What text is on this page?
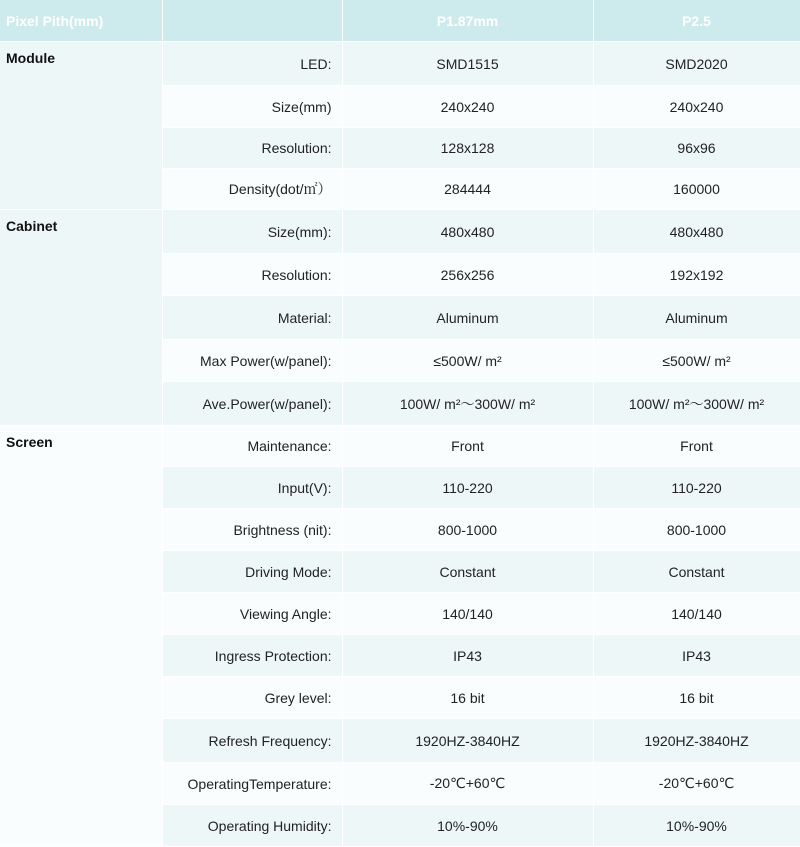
Pixel Pith(mm)		P1.87mm	P2.5
Module	LED:	SMD1515	SMD2020
	Size(mm)	240x240	240x240
	Resolution:	128x128	96x96
	Density(dot/㎡）	284444	160000
Cabinet	Size(mm):	480x480	480x480
	Resolution:	256x256	192x192
	Material:	Aluminum	Aluminum
	Max Power(w/panel):	≤500W/ m²	≤500W/ m²
	Ave.Power(w/panel):	100W/ m²～300W/ m²	100W/ m²～300W/ m²
Screen	Maintenance:	Front	Front
	Input(V):	110-220	110-220
	Brightness (nit):	800-1000	800-1000
	Driving Mode:	Constant	Constant
	Viewing Angle:	140/140	140/140
	Ingress Protection:	IP43	IP43
	Grey level:	16 bit	16 bit
	Refresh Frequency:	1920HZ-3840HZ	1920HZ-3840HZ
	OperatingTemperature:	-20℃+60℃	-20℃+60℃
	Operating Humidity:	10%-90%	10%-90%
